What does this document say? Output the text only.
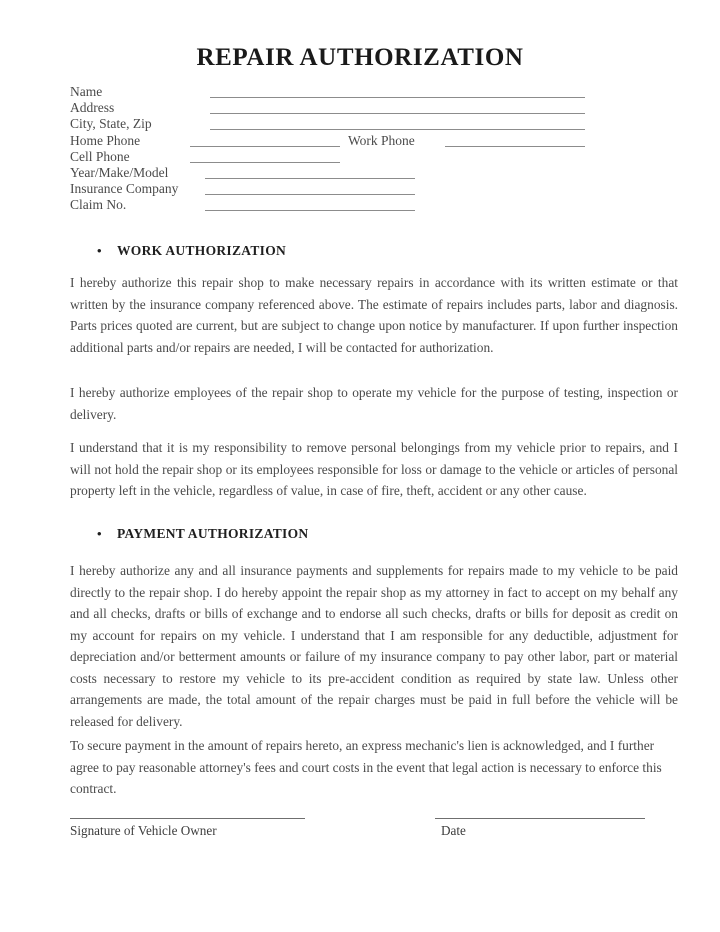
REPAIR AUTHORIZATION
Name
Address
City, State, Zip
Home Phone	Work Phone
Cell Phone
Year/Make/Model
Insurance Company
Claim No.
• WORK AUTHORIZATION
I hereby authorize this repair shop to make necessary repairs in accordance with its written estimate or that written by the insurance company referenced above. The estimate of repairs includes parts, labor and diagnosis. Parts prices quoted are current, but are subject to change upon notice by manufacturer. If upon further inspection additional parts and/or repairs are needed, I will be contacted for authorization.
I hereby authorize employees of the repair shop to operate my vehicle for the purpose of testing, inspection or delivery.
I understand that it is my responsibility to remove personal belongings from my vehicle prior to repairs, and I will not hold the repair shop or its employees responsible for loss or damage to the vehicle or articles of personal property left in the vehicle, regardless of value, in case of fire, theft, accident or any other cause.
• PAYMENT AUTHORIZATION
I hereby authorize any and all insurance payments and supplements for repairs made to my vehicle to be paid directly to the repair shop. I do hereby appoint the repair shop as my attorney in fact to accept on my behalf any and all checks, drafts or bills of exchange and to endorse all such checks, drafts or bills for deposit as credit on my account for repairs on my vehicle. I understand that I am responsible for any deductible, adjustment for depreciation and/or betterment amounts or failure of my insurance company to pay other labor, part or material costs necessary to restore my vehicle to its pre-accident condition as required by state law. Unless other arrangements are made, the total amount of the repair charges must be paid in full before the vehicle will be released for delivery.
To secure payment in the amount of repairs hereto, an express mechanic's lien is acknowledged, and I further agree to pay reasonable attorney's fees and court costs in the event that legal action is necessary to enforce this contract.
Signature of Vehicle Owner	Date
